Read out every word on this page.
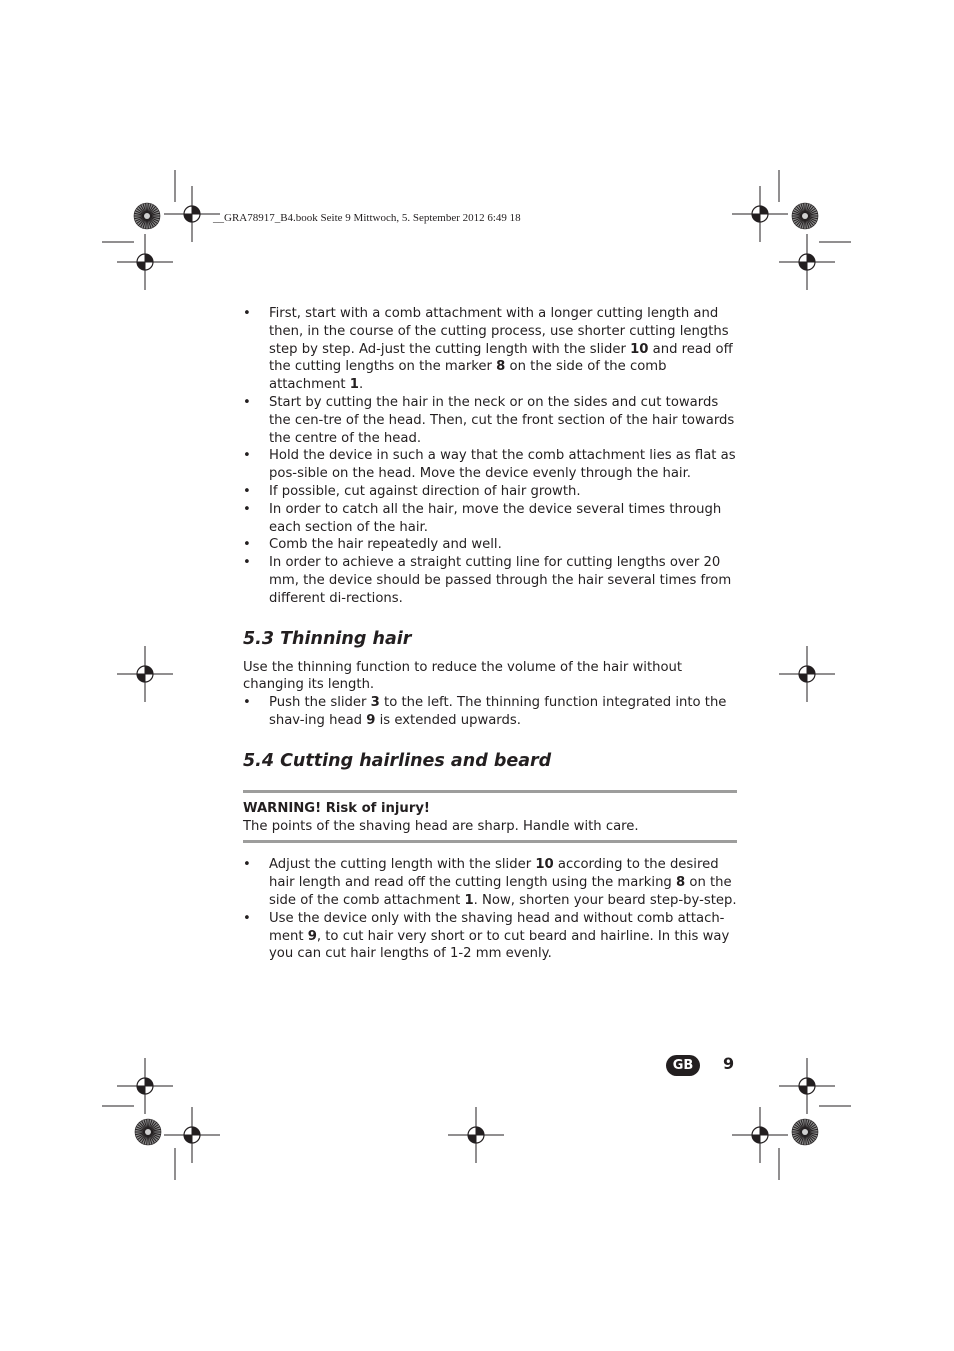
__GRA78917_B4.book Seite 9 Mittwoch, 5. September 2012 6:49 18
• First, start with a comb attachment with a longer cutting length and then, in the course of the cutting process, use shorter cutting lengths step by step. Ad-just the cutting length with the slider 10 and read off the cutting lengths on the marker 8 on the side of the comb attachment 1.
• Start by cutting the hair in the neck or on the sides and cut towards the cen-tre of the head. Then, cut the front section of the hair towards the centre of the head.
• Hold the device in such a way that the comb attachment lies as flat as pos-sible on the head. Move the device evenly through the hair.
• If possible, cut against direction of hair growth.
• In order to catch all the hair, move the device several times through each section of the hair.
• Comb the hair repeatedly and well.
• In order to achieve a straight cutting line for cutting lengths over 20 mm, the device should be passed through the hair several times from different di-rections.
5.3 Thinning hair

Use the thinning function to reduce the volume of the hair without changing its length.

• Push the slider 3 to the left. The thinning function integrated into the shav-ing head 9 is extended upwards.
5.4 Cutting hairlines and beard

WARNING! Risk of injury!

The points of the shaving head are sharp. Handle with care.

• Adjust the cutting length with the slider 10 according to the desired hair length and read off the cutting length using the marking 8 on the side of the comb attachment 1. Now, shorten your beard step-by-step.
• Use the device only with the shaving head and without comb attach-ment 9, to cut hair very short or to cut beard and hairline. In this way you can cut hair lengths of 1-2 mm evenly.
GB	9
